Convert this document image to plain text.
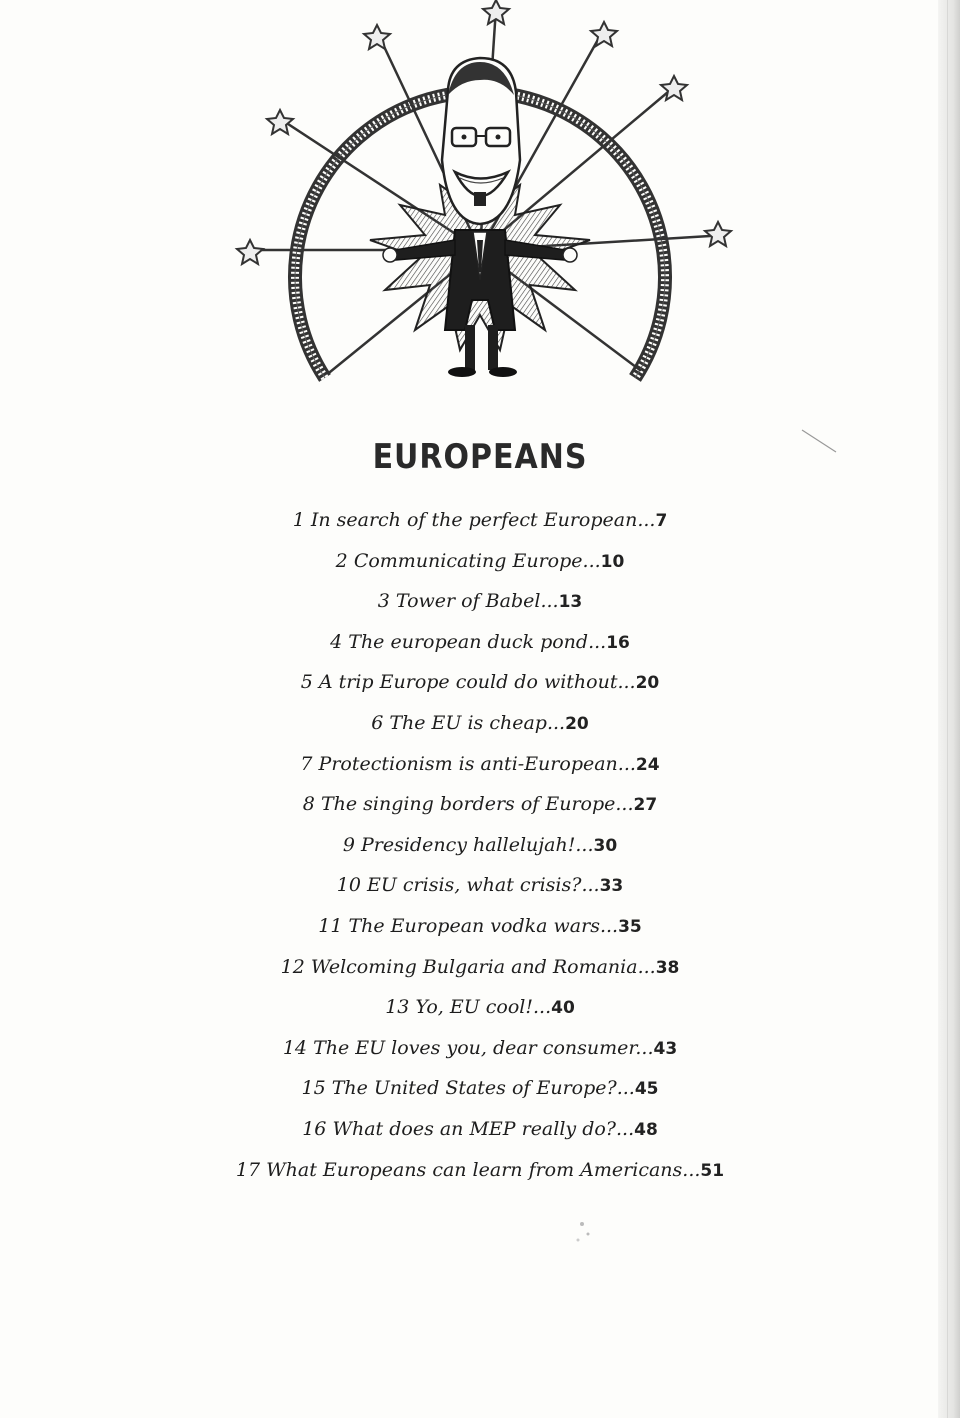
EUROPEANS
1 In search of the perfect European...7
2 Communicating Europe...10
3 Tower of Babel...13
4 The european duck pond...16
5 A trip Europe could do without...20
6 The EU is cheap...20
7 Protectionism is anti-European...24
8 The singing borders of Europe...27
9 Presidency hallelujah!...30
10 EU crisis, what crisis?...33
11 The European vodka wars...35
12 Welcoming Bulgaria and Romania...38
13 Yo, EU cool!...40
14 The EU loves you, dear consumer...43
15 The United States of Europe?...45
16 What does an MEP really do?...48
17 What Europeans can learn from Americans...51
